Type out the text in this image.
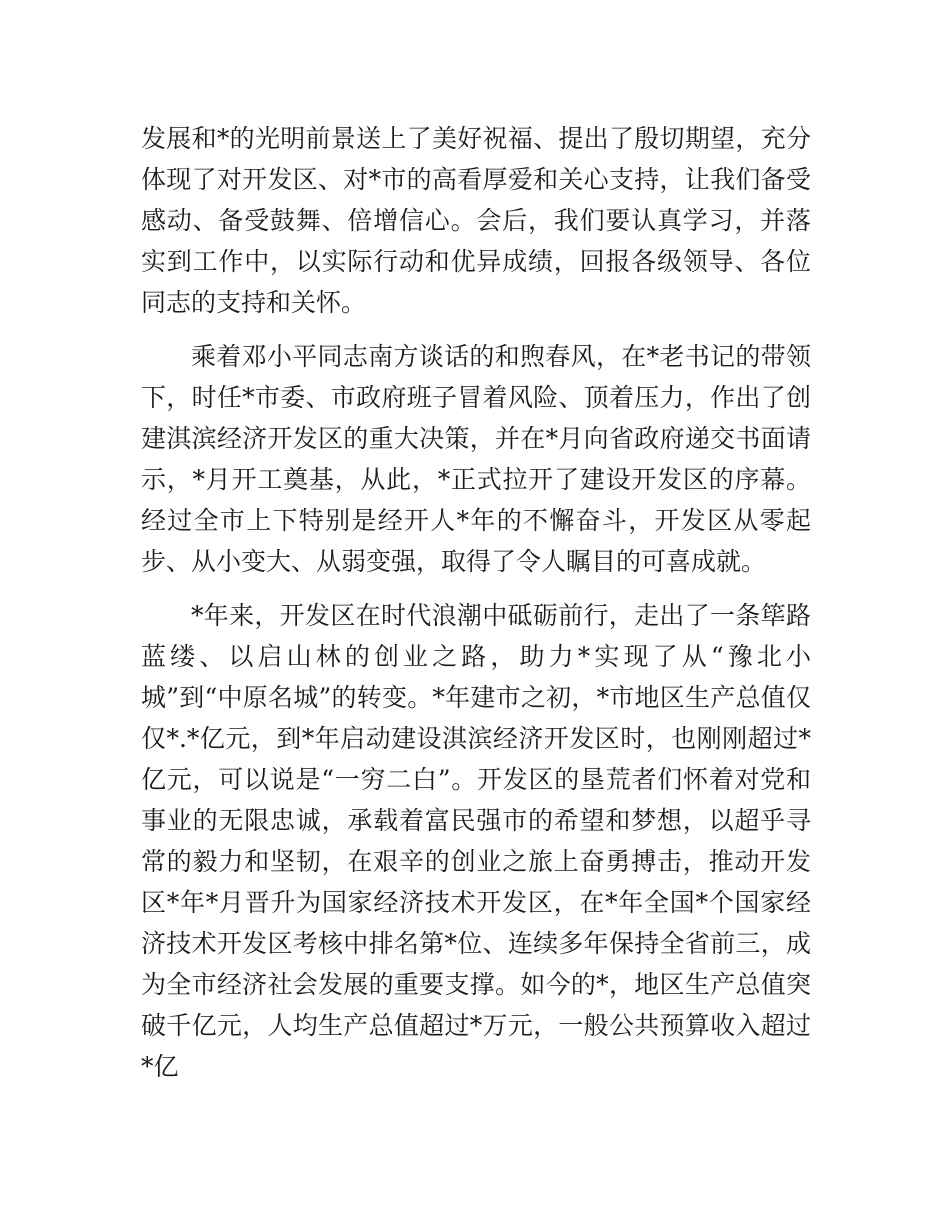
发展和*的光明前景送上了美好祝福、提出了殷切期望，充分体现了对开发区、对*市的高看厚爱和关心支持，让我们备受感动、备受鼓舞、倍增信心。会后，我们要认真学习，并落实到工作中，以实际行动和优异成绩，回报各级领导、各位同志的支持和关怀。

乘着邓小平同志南方谈话的和煦春风，在*老书记的带领下，时任*市委、市政府班子冒着风险、顶着压力，作出了创建淇滨经济开发区的重大决策，并在*月向省政府递交书面请示，*月开工奠基，从此，*正式拉开了建设开发区的序幕。经过全市上下特别是经开人*年的不懈奋斗，开发区从零起步、从小变大、从弱变强，取得了令人瞩目的可喜成就。

*年来，开发区在时代浪潮中砥砺前行，走出了一条筚路蓝缕、以启山林的创业之路，助力*实现了从“豫北小城”到“中原名城”的转变。*年建市之初，*市地区生产总值仅仅*.*亿元，到*年启动建设淇滨经济开发区时，也刚刚超过*亿元，可以说是“一穷二白”。开发区的垦荒者们怀着对党和事业的无限忠诚，承载着富民强市的希望和梦想，以超乎寻常的毅力和坚韧，在艰辛的创业之旅上奋勇搏击，推动开发区*年*月晋升为国家经济技术开发区，在*年全国*个国家经济技术开发区考核中排名第*位、连续多年保持全省前三，成为全市经济社会发展的重要支撑。如今的*，地区生产总值突破千亿元，人均生产总值超过*万元，一般公共预算收入超过*亿
